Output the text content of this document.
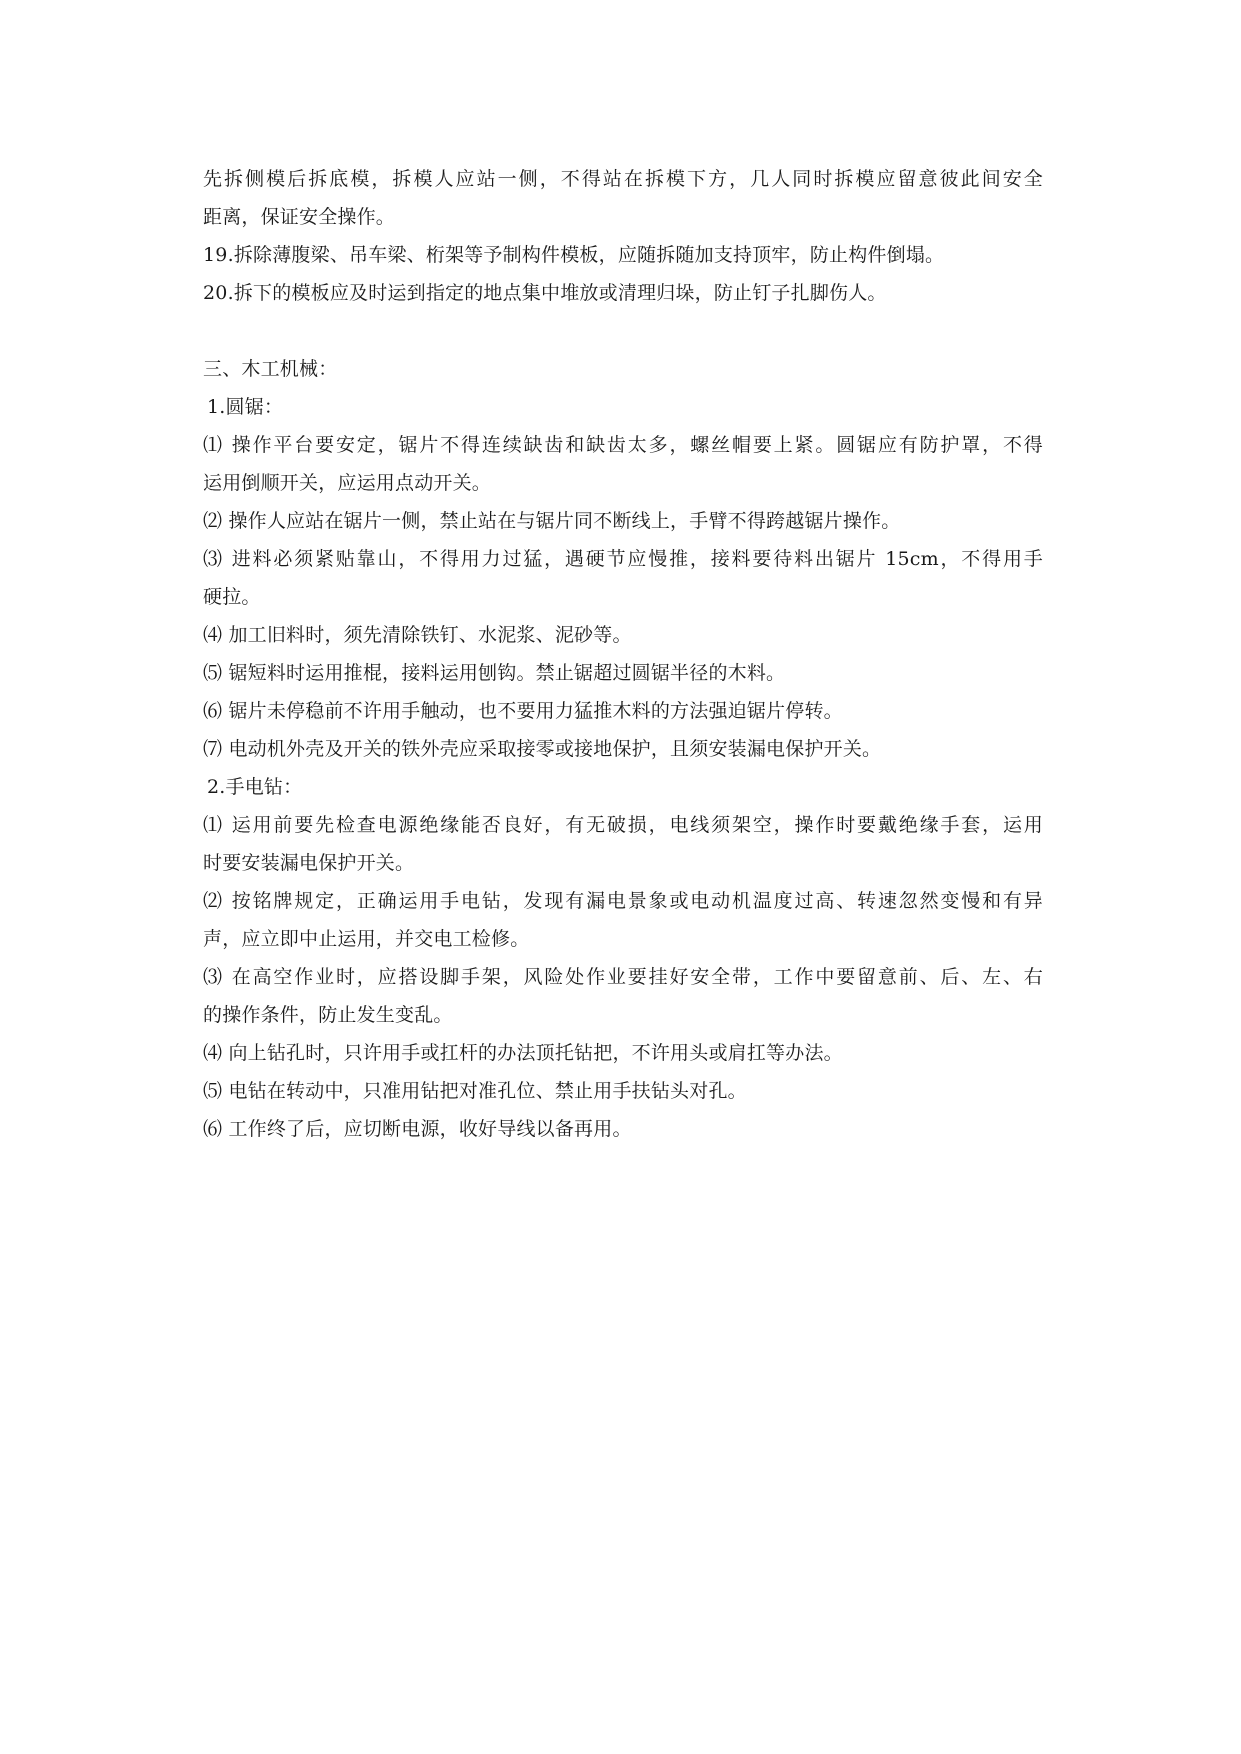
先拆侧模后拆底模，拆模人应站一侧，不得站在拆模下方，几人同时拆模应留意彼此间安全
距离，保证安全操作。
19.拆除薄腹梁、吊车梁、桁架等予制构件模板，应随拆随加支持顶牢，防止构件倒塌。
20.拆下的模板应及时运到指定的地点集中堆放或清理归垛，防止钉子扎脚伤人。
三、木工机械：
1.圆锯：
⑴ 操作平台要安定，锯片不得连续缺齿和缺齿太多，螺丝帽要上紧。圆锯应有防护罩，不得
运用倒顺开关，应运用点动开关。
⑵ 操作人应站在锯片一侧，禁止站在与锯片同不断线上，手臂不得跨越锯片操作。
⑶ 进料必须紧贴靠山，不得用力过猛，遇硬节应慢推，接料要待料出锯片 15cm，不得用手
硬拉。
⑷ 加工旧料时，须先清除铁钉、水泥浆、泥砂等。
⑸ 锯短料时运用推棍，接料运用刨钩。禁止锯超过圆锯半径的木料。
⑹ 锯片未停稳前不许用手触动，也不要用力猛推木料的方法强迫锯片停转。
⑺ 电动机外壳及开关的铁外壳应采取接零或接地保护，且须安装漏电保护开关。
2.手电钻：
⑴ 运用前要先检查电源绝缘能否良好，有无破损，电线须架空，操作时要戴绝缘手套，运用
时要安装漏电保护开关。
⑵ 按铭牌规定，正确运用手电钻，发现有漏电景象或电动机温度过高、转速忽然变慢和有异
声，应立即中止运用，并交电工检修。
⑶ 在高空作业时，应搭设脚手架，风险处作业要挂好安全带，工作中要留意前、后、左、右
的操作条件，防止发生变乱。
⑷ 向上钻孔时，只许用手或扛杆的办法顶托钻把，不许用头或肩扛等办法。
⑸ 电钻在转动中，只准用钻把对准孔位、禁止用手扶钻头对孔。
⑹ 工作终了后，应切断电源，收好导线以备再用。
